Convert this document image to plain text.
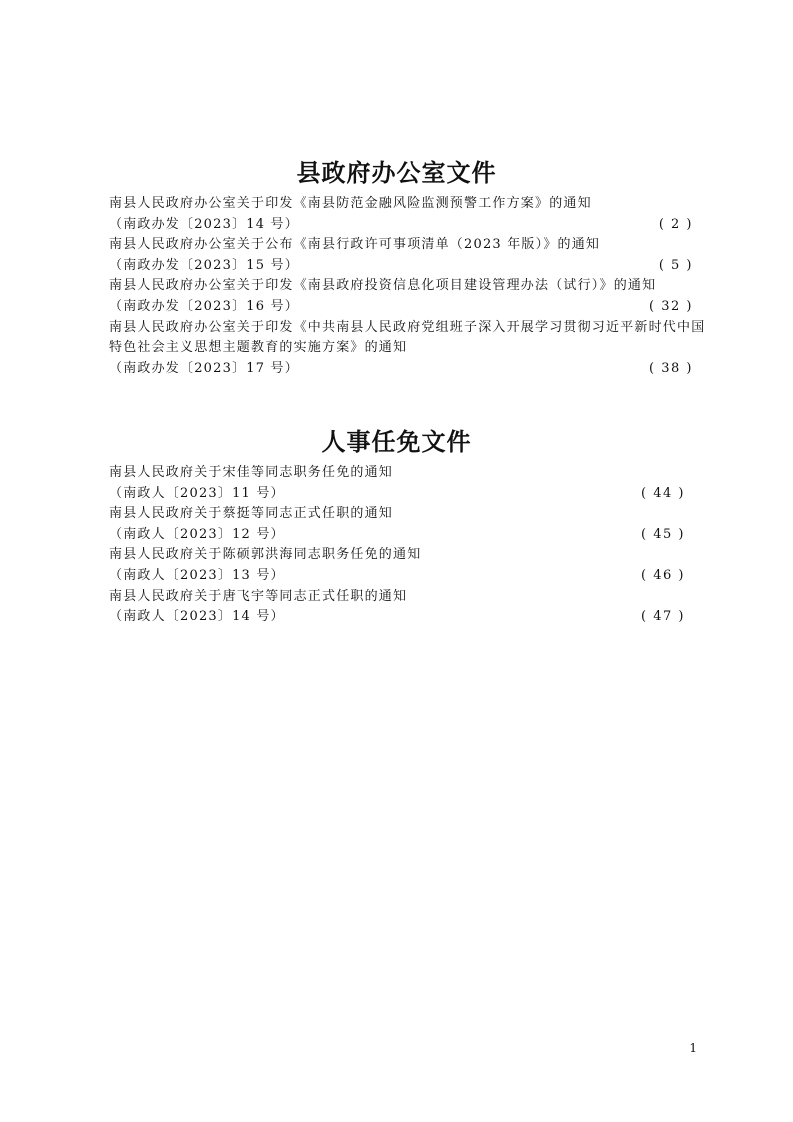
县政府办公室文件
南县人民政府办公室关于印发《南县防范金融风险监测预警工作方案》的通知
（南政办发〔2023〕14 号）	( 2 )
南县人民政府办公室关于公布《南县行政许可事项清单（2023 年版）》的通知
（南政办发〔2023〕15 号）	( 5 )
南县人民政府办公室关于印发《南县政府投资信息化项目建设管理办法（试行）》的通知
（南政办发〔2023〕16 号）	( 32 )
南县人民政府办公室关于印发《中共南县人民政府党组班子深入开展学习贯彻习近平新时代中国
特色社会主义思想主题教育的实施方案》的通知
（南政办发〔2023〕17 号）	( 38 )
人事任免文件
南县人民政府关于宋佳等同志职务任免的通知
（南政人〔2023〕11 号）	( 44 )
南县人民政府关于蔡挺等同志正式任职的通知
（南政人〔2023〕12 号）	( 45 )
南县人民政府关于陈硕郭洪海同志职务任免的通知
（南政人〔2023〕13 号）	( 46 )
南县人民政府关于唐飞宇等同志正式任职的通知
（南政人〔2023〕14 号）	( 47 )
1
